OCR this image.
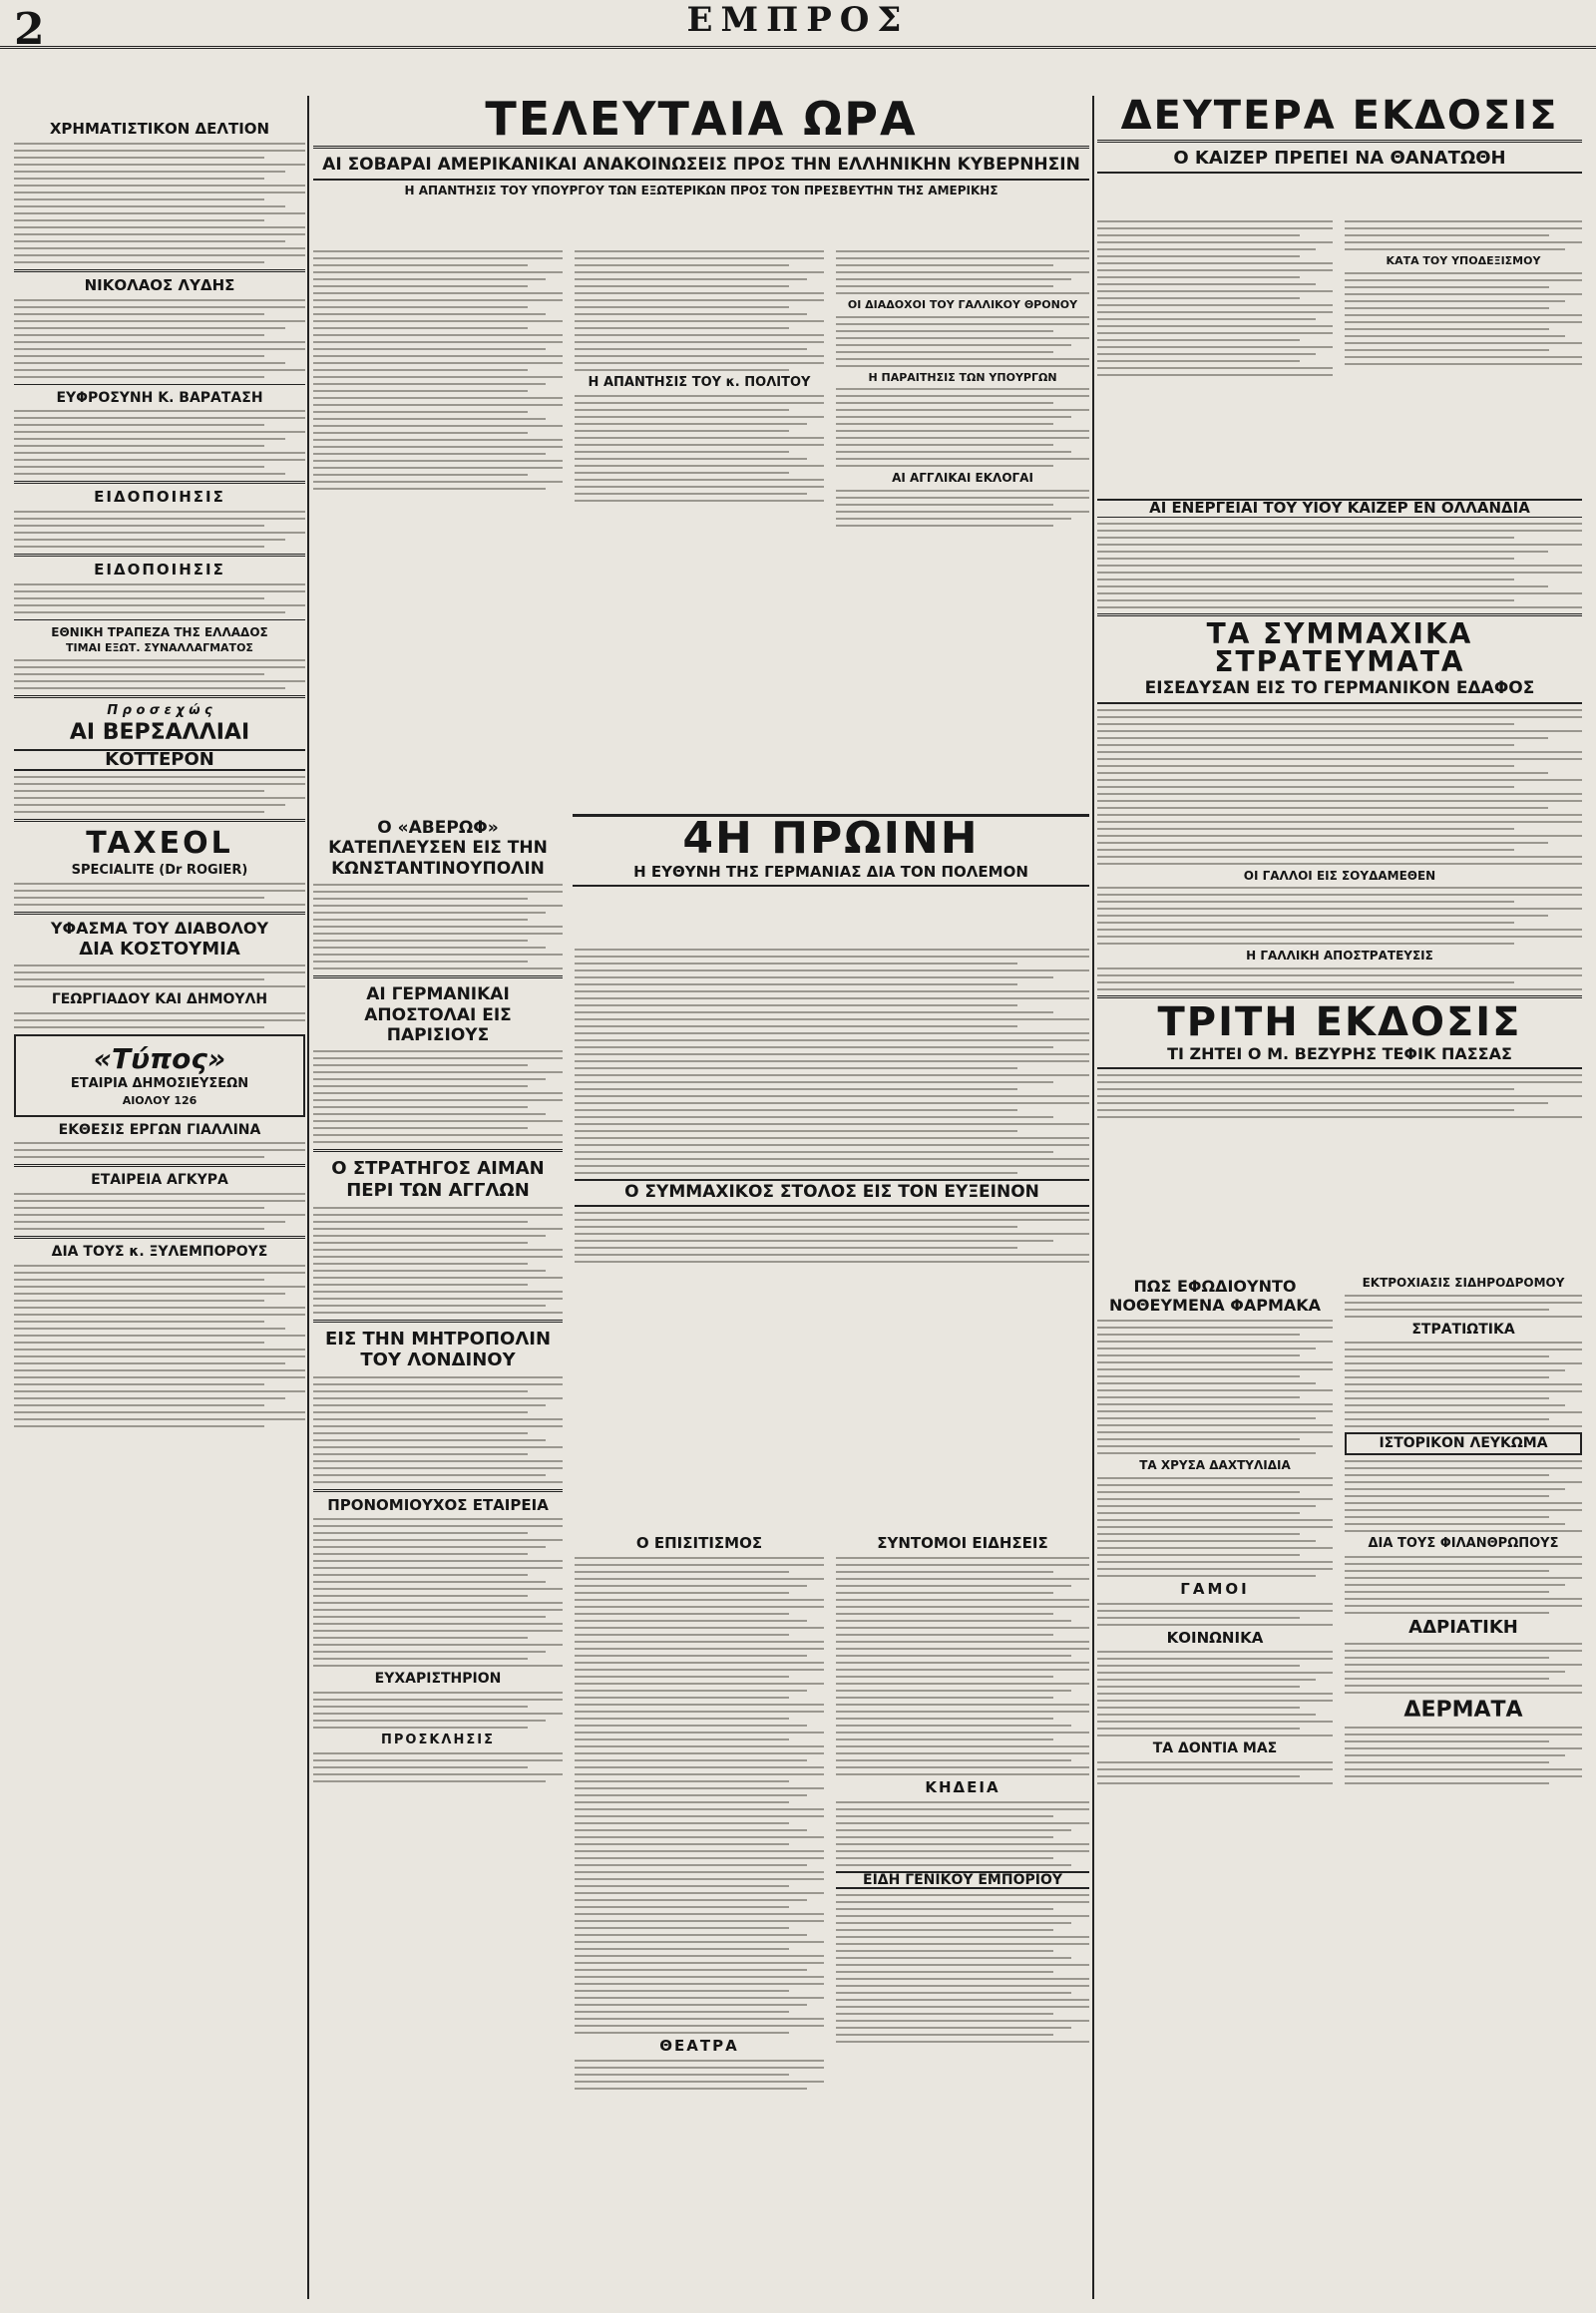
2	ΕΜΠΡΟΣ
ΧΡΗΜΑΤΙΣΤΙΚΟΝ ΔΕΛΤΙΟΝ
ΝΙΚΟΛΑΟΣ ΛΥΔΗΣ
ΕΥΦΡΟΣΥΝΗ Κ. ΒΑΡΑΤΑΣΗ
ΕΙΔΟΠΟΙΗΣΙΣ
ΕΙΔΟΠΟΙΗΣΙΣ
ΕΘΝΙΚΗ ΤΡΑΠΕΖΑ ΤΗΣ ΕΛΛΑΔΟΣ
ΤΙΜΑΙ ΕΞΩΤ. ΣΥΝΑΛΛΑΓΜΑΤΟΣ
Π ρ ο σ ε χ ώ ς
ΑΙ ΒΕΡΣΑΛΛΙΑΙ
ΚΟΤΤΕΡΟΝ
TAXEOL
SPECIALITE (Dr ROGIER)
ΥΦΑΣΜΑ ΤΟΥ ΔΙΑΒΟΛΟΥ
ΔΙΑ ΚΟΣΤΟΥΜΙΑ
ΓΕΩΡΓΙΑΔΟΥ ΚΑΙ ΔΗΜΟΥΛΗ
«Τύπος»
ΕΤΑΙΡΙΑ ΔΗΜΟΣΙΕΥΣΕΩΝ
ΑΙΟΛΟΥ 126
ΕΚΘΕΣΙΣ ΕΡΓΩΝ ΓΙΑΛΛΙΝΑ
ΕΤΑΙΡΕΙΑ ΑΓΚΥΡΑ
ΔΙΑ ΤΟΥΣ κ. ΞΥΛΕΜΠΟΡΟΥΣ
ΤΕΛΕΥΤΑΙΑ ΩΡΑ
ΑΙ ΣΟΒΑΡΑΙ ΑΜΕΡΙΚΑΝΙΚΑΙ ΑΝΑΚΟΙΝΩΣΕΙΣ ΠΡΟΣ ΤΗΝ ΕΛΛΗΝΙΚΗΝ ΚΥΒΕΡΝΗΣΙΝ
Η ΑΠΑΝΤΗΣΙΣ ΤΟΥ ΥΠΟΥΡΓΟΥ ΤΩΝ ΕΞΩΤΕΡΙΚΩΝ ΠΡΟΣ ΤΟΝ ΠΡΕΣΒΕΥΤΗΝ ΤΗΣ ΑΜΕΡΙΚΗΣ
Η ΑΠΑΝΤΗΣΙΣ ΤΟΥ κ. ΠΟΛΙΤΟΥ
ΟΙ ΔΙΑΔΟΧΟΙ ΤΟΥ ΓΑΛΛΙΚΟΥ ΘΡΟΝΟΥ
Η ΠΑΡΑΙΤΗΣΙΣ ΤΩΝ ΥΠΟΥΡΓΩΝ
ΑΙ ΑΓΓΛΙΚΑΙ ΕΚΛΟΓΑΙ
4Η ΠΡΩΙΝΗ
Η ΕΥΘΥΝΗ ΤΗΣ ΓΕΡΜΑΝΙΑΣ ΔΙΑ ΤΟΝ ΠΟΛΕΜΟΝ
Ο «ΑΒΕΡΩΦ» ΚΑΤΕΠΛΕΥΣΕΝ ΕΙΣ ΤΗΝ ΚΩΝΣΤΑΝΤΙΝΟΥΠΟΛΙΝ
ΑΙ ΓΕΡΜΑΝΙΚΑΙ ΑΠΟΣΤΟΛΑΙ ΕΙΣ ΠΑΡΙΣΙΟΥΣ
Ο ΣΤΡΑΤΗΓΟΣ ΑΙΜΑΝ ΠΕΡΙ ΤΩΝ ΑΓΓΛΩΝ
ΕΙΣ ΤΗΝ ΜΗΤΡΟΠΟΛΙΝ ΤΟΥ ΛΟΝΔΙΝΟΥ
ΠΡΟΝΟΜΙΟΥΧΟΣ ΕΤΑΙΡΕΙΑ
ΕΥΧΑΡΙΣΤΗΡΙΟΝ
ΠΡΟΣΚΛΗΣΙΣ
Ο ΣΥΜΜΑΧΙΚΟΣ ΣΤΟΛΟΣ ΕΙΣ ΤΟΝ ΕΥΞΕΙΝΟΝ
Ο ΕΠΙΣΙΤΙΣΜΟΣ
ΘΕΑΤΡΑ
ΣΥΝΤΟΜΟΙ ΕΙΔΗΣΕΙΣ
ΚΗΔΕΙΑ
ΕΙΔΗ ΓΕΝΙΚΟΥ ΕΜΠΟΡΙΟΥ
ΔΕΥΤΕΡΑ ΕΚΔΟΣΙΣ
Ο ΚΑΙΖΕΡ ΠΡΕΠΕΙ ΝΑ ΘΑΝΑΤΩΘΗ
ΚΑΤΑ ΤΟΥ ΥΠΟΔΕΞΙΣΜΟΥ
ΑΙ ΕΝΕΡΓΕΙΑΙ ΤΟΥ ΥΙΟΥ ΚΑΙΖΕΡ ΕΝ ΟΛΛΑΝΔΙΑ
ΤΑ ΣΥΜΜΑΧΙΚΑ ΣΤΡΑΤΕΥΜΑΤΑ
ΕΙΣΕΔΥΣΑΝ ΕΙΣ ΤΟ ΓΕΡΜΑΝΙΚΟΝ ΕΔΑΦΟΣ
ΟΙ ΓΑΛΛΟΙ ΕΙΣ ΣΟΥΔΑΜΕΘΕΝ
Η ΓΑΛΛΙΚΗ ΑΠΟΣΤΡΑΤΕΥΣΙΣ
ΤΡΙΤΗ ΕΚΔΟΣΙΣ
ΤΙ ΖΗΤΕΙ Ο Μ. ΒΕΖΥΡΗΣ ΤΕΦΙΚ ΠΑΣΣΑΣ
ΠΩΣ ΕΦΩΔΙΟΥΝΤΟ ΝΟΘΕΥΜΕΝΑ ΦΑΡΜΑΚΑ
ΤΑ ΧΡΥΣΑ ΔΑΧΤΥΛΙΔΙΑ
ΓΑΜΟΙ
ΚΟΙΝΩΝΙΚΑ
ΤΑ ΔΟΝΤΙΑ ΜΑΣ
ΕΚΤΡΟΧΙΑΣΙΣ ΣΙΔΗΡΟΔΡΟΜΟΥ
ΣΤΡΑΤΙΩΤΙΚΑ
ΙΣΤΟΡΙΚΟΝ ΛΕΥΚΩΜΑ
ΔΙΑ ΤΟΥΣ ΦΙΛΑΝΘΡΩΠΟΥΣ
ΑΔΡΙΑΤΙΚΗ
ΔΕΡΜΑΤΑ
